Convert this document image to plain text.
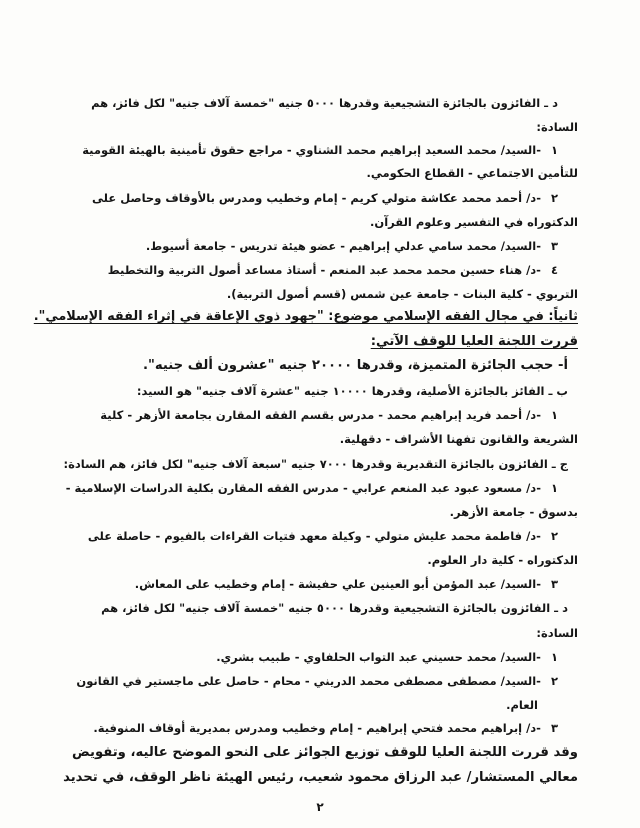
د ـ الفائزون بالجائزة التشجيعية وقدرها ٥٠٠٠ جنيه "خمسة آلاف جنيه" لكل فائز، هم

السادة:

١-السيد/ محمد السعيد إبراهيم محمد الشناوي - مراجع حقوق تأمينية بالهيئة القومية

للتأمين الاجتماعي - القطاع الحكومي.

٢-د/ أحمد محمد عكاشة متولي كريم - إمام وخطيب ومدرس بالأوقاف وحاصل على

الدكتوراه في التفسير وعلوم القرآن.

٣-السيد/ محمد سامي عدلي إبراهيم - عضو هيئة تدريس - جامعة أسيوط.

٤-د/ هناء حسين محمد محمد عبد المنعم - أستاذ مساعد أصول التربية والتخطيط

التربوي - كلية البنات - جامعة عين شمس (قسم أصول التربية).

ثانياً: في مجال الفقه الإسلامي موضوع: "جهود ذوي الإعاقة في إثراء الفقه الإسلامي".

قررت اللجنة العليا للوقف الآتي:

أ- حجب الجائزة المتميزة، وقدرها ٢٠٠٠٠ جنيه "عشرون ألف جنيه".

ب ـ الفائز بالجائزة الأصلية، وقدرها ١٠٠٠٠ جنيه "عشرة آلاف جنيه" هو السيد:

١-د/ أحمد فريد إبراهيم محمد - مدرس بقسم الفقه المقارن بجامعة الأزهر - كلية

الشريعة والقانون تفهنا الأشراف - دقهلية.

ج ـ الفائزون بالجائزة التقديرية وقدرها ٧٠٠٠ جنيه "سبعة آلاف جنيه" لكل فائز، هم السادة:

١-د/ مسعود عبود عبد المنعم عرابي - مدرس الفقه المقارن بكلية الدراسات الإسلامية -

بدسوق - جامعة الأزهر.

٢-د/ فاطمة محمد عليش متولي - وكيلة معهد فتيات القراءات بالفيوم - حاصلة على

الدكتوراه - كلية دار العلوم.

٣-السيد/ عبد المؤمن أبو العينين علي حفيشة - إمام وخطيب على المعاش.

د ـ الفائزون بالجائزة التشجيعية وقدرها ٥٠٠٠ جنيه "خمسة آلاف جنيه" لكل فائز، هم

السادة:

١-السيد/ محمد حسيني عبد التواب الحلفاوي - طبيب بشري.

٢-السيد/ مصطفى مصطفى محمد الدريني - محام - حاصل على ماجستير في القانون

العام.

٣-د/ إبراهيم محمد فتحي إبراهيم - إمام وخطيب ومدرس بمديرية أوقاف المنوفية.

وقد قررت اللجنة العليا للوقف توزيع الجوائز على النحو الموضح عاليه، وتفويض

معالي المستشار/ عبد الرزاق محمود شعيب، رئيس الهيئة ناظر الوقف، في تحديد

٢
